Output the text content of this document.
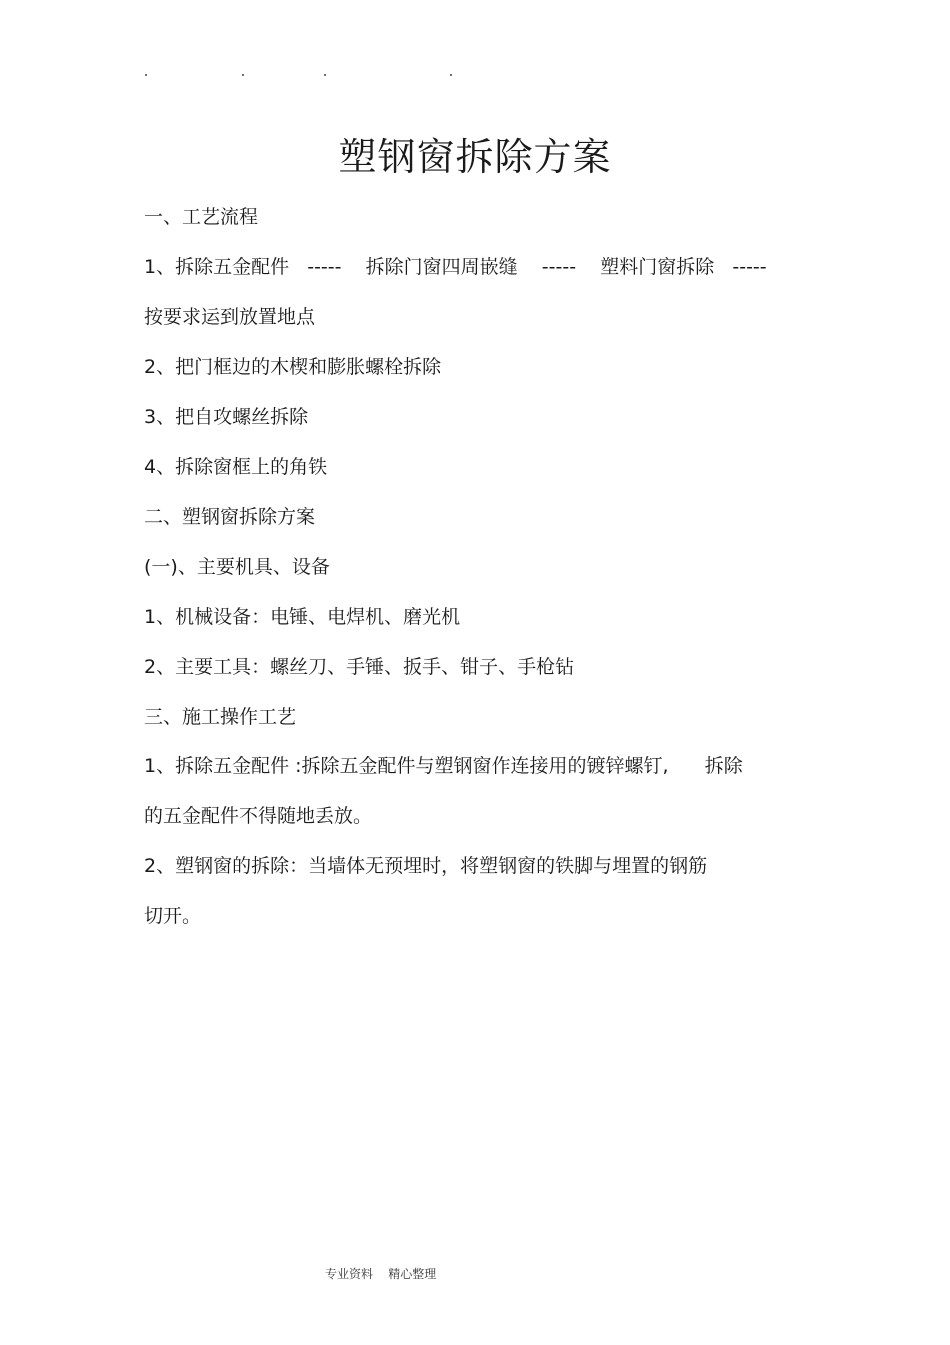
塑钢窗拆除方案
一、工艺流程
1、拆除五金配件   -----    拆除门窗四周嵌缝    -----    塑料门窗拆除   -----
按要求运到放置地点
2、把门框边的木楔和膨胀螺栓拆除
3、把自攻螺丝拆除
4、拆除窗框上的角铁
二、塑钢窗拆除方案
(一)、主要机具、设备
1、机械设备：电锤、电焊机、磨光机
2、主要工具：螺丝刀、手锤、扳手、钳子、手枪钻
三、施工操作工艺
1、拆除五金配件 :拆除五金配件与塑钢窗作连接用的镀锌螺钉,      拆除
的五金配件不得随地丢放。
2、塑钢窗的拆除：当墙体无预埋时，将塑钢窗的铁脚与埋置的钢筋
切开。
专业资料    精心整理
